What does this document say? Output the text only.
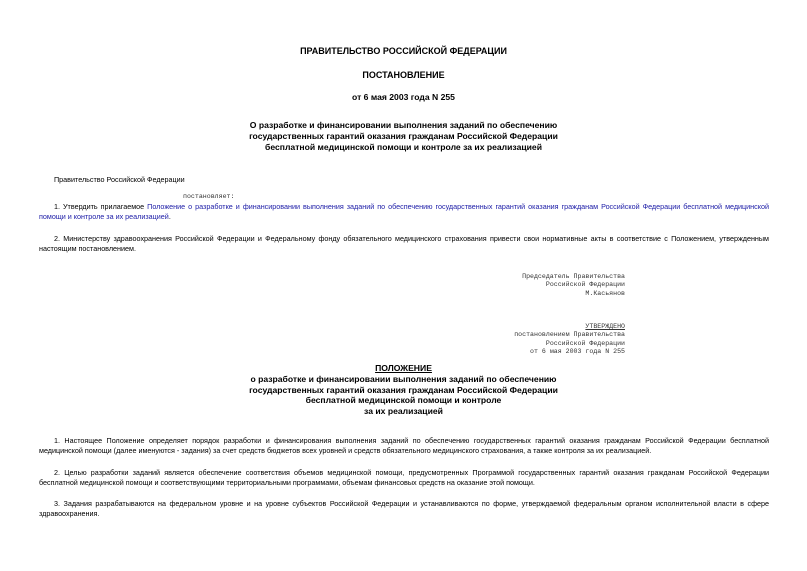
ПРАВИТЕЛЬСТВО РОССИЙСКОЙ ФЕДЕРАЦИИ
ПОСТАНОВЛЕНИЕ
от 6 мая 2003 года N 255
О разработке и финансировании выполнения заданий по обеспечению
государственных гарантий оказания гражданам Российской Федерации
бесплатной медицинской помощи и контроле за их реализацией
Правительство Российской Федерации
постановляет:
1. Утвердить прилагаемое Положение о разработке и финансировании выполнения заданий по обеспечению государственных гарантий оказания гражданам Российской Федерации бесплатной медицинской помощи и контроле за их реализацией.
2. Министерству здравоохранения Российской Федерации и Федеральному фонду обязательного медицинского страхования привести свои нормативные акты в соответствие с Положением, утвержденным настоящим постановлением.
Председатель Правительства
Российской Федерации
М.Касьянов
УТВЕРЖДЕНО
постановлением Правительства
Российской Федерации
от 6 мая 2003 года N 255
ПОЛОЖЕНИЕ
о разработке и финансировании выполнения заданий по обеспечению
государственных гарантий оказания гражданам Российской Федерации
бесплатной медицинской помощи и контроле
за их реализацией
1. Настоящее Положение определяет порядок разработки и финансирования выполнения заданий по обеспечению государственных гарантий оказания гражданам Российской Федерации бесплатной медицинской помощи (далее именуются - задания) за счет средств бюджетов всех уровней и средств обязательного медицинского страхования, а также контроля за их реализацией.
2. Целью разработки заданий является обеспечение соответствия объемов медицинской помощи, предусмотренных Программой государственных гарантий оказания гражданам Российской Федерации бесплатной медицинской помощи и соответствующими территориальными программами, объемам финансовых средств на оказание этой помощи.
3. Задания разрабатываются на федеральном уровне и на уровне субъектов Российской Федерации и устанавливаются по форме, утверждаемой федеральным органом исполнительной власти в сфере здравоохранения.
